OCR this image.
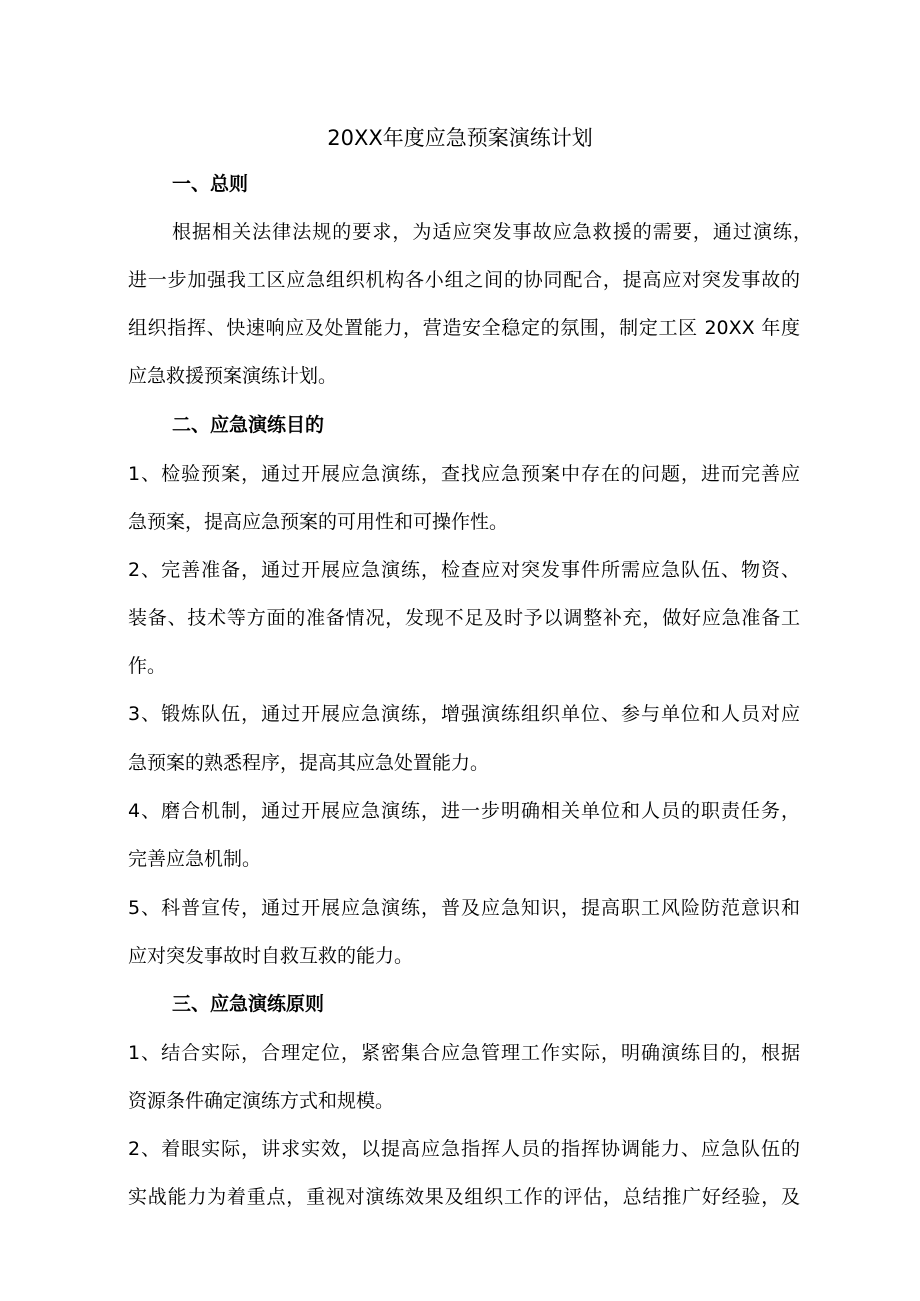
20XX年度应急预案演练计划
一、总则

根据相关法律法规的要求，为适应突发事故应急救援的需要，通过演练，

进一步加强我工区应急组织机构各小组之间的协同配合，提高应对突发事故的

组织指挥、快速响应及处置能力，营造安全稳定的氛围，制定工区 20XX 年度

应急救援预案演练计划。

二、应急演练目的

1、检验预案，通过开展应急演练，查找应急预案中存在的问题，进而完善应

急预案，提高应急预案的可用性和可操作性。

2、完善准备，通过开展应急演练，检查应对突发事件所需应急队伍、物资、

装备、技术等方面的准备情况，发现不足及时予以调整补充，做好应急准备工

作。

3、锻炼队伍，通过开展应急演练，增强演练组织单位、参与单位和人员对应

急预案的熟悉程序，提高其应急处置能力。

4、磨合机制，通过开展应急演练，进一步明确相关单位和人员的职责任务，

完善应急机制。

5、科普宣传，通过开展应急演练，普及应急知识，提高职工风险防范意识和

应对突发事故时自救互救的能力。

三、应急演练原则

1、结合实际，合理定位，紧密集合应急管理工作实际，明确演练目的，根据

资源条件确定演练方式和规模。

2、着眼实际，讲求实效，以提高应急指挥人员的指挥协调能力、应急队伍的

实战能力为着重点，重视对演练效果及组织工作的评估，总结推广好经验，及
